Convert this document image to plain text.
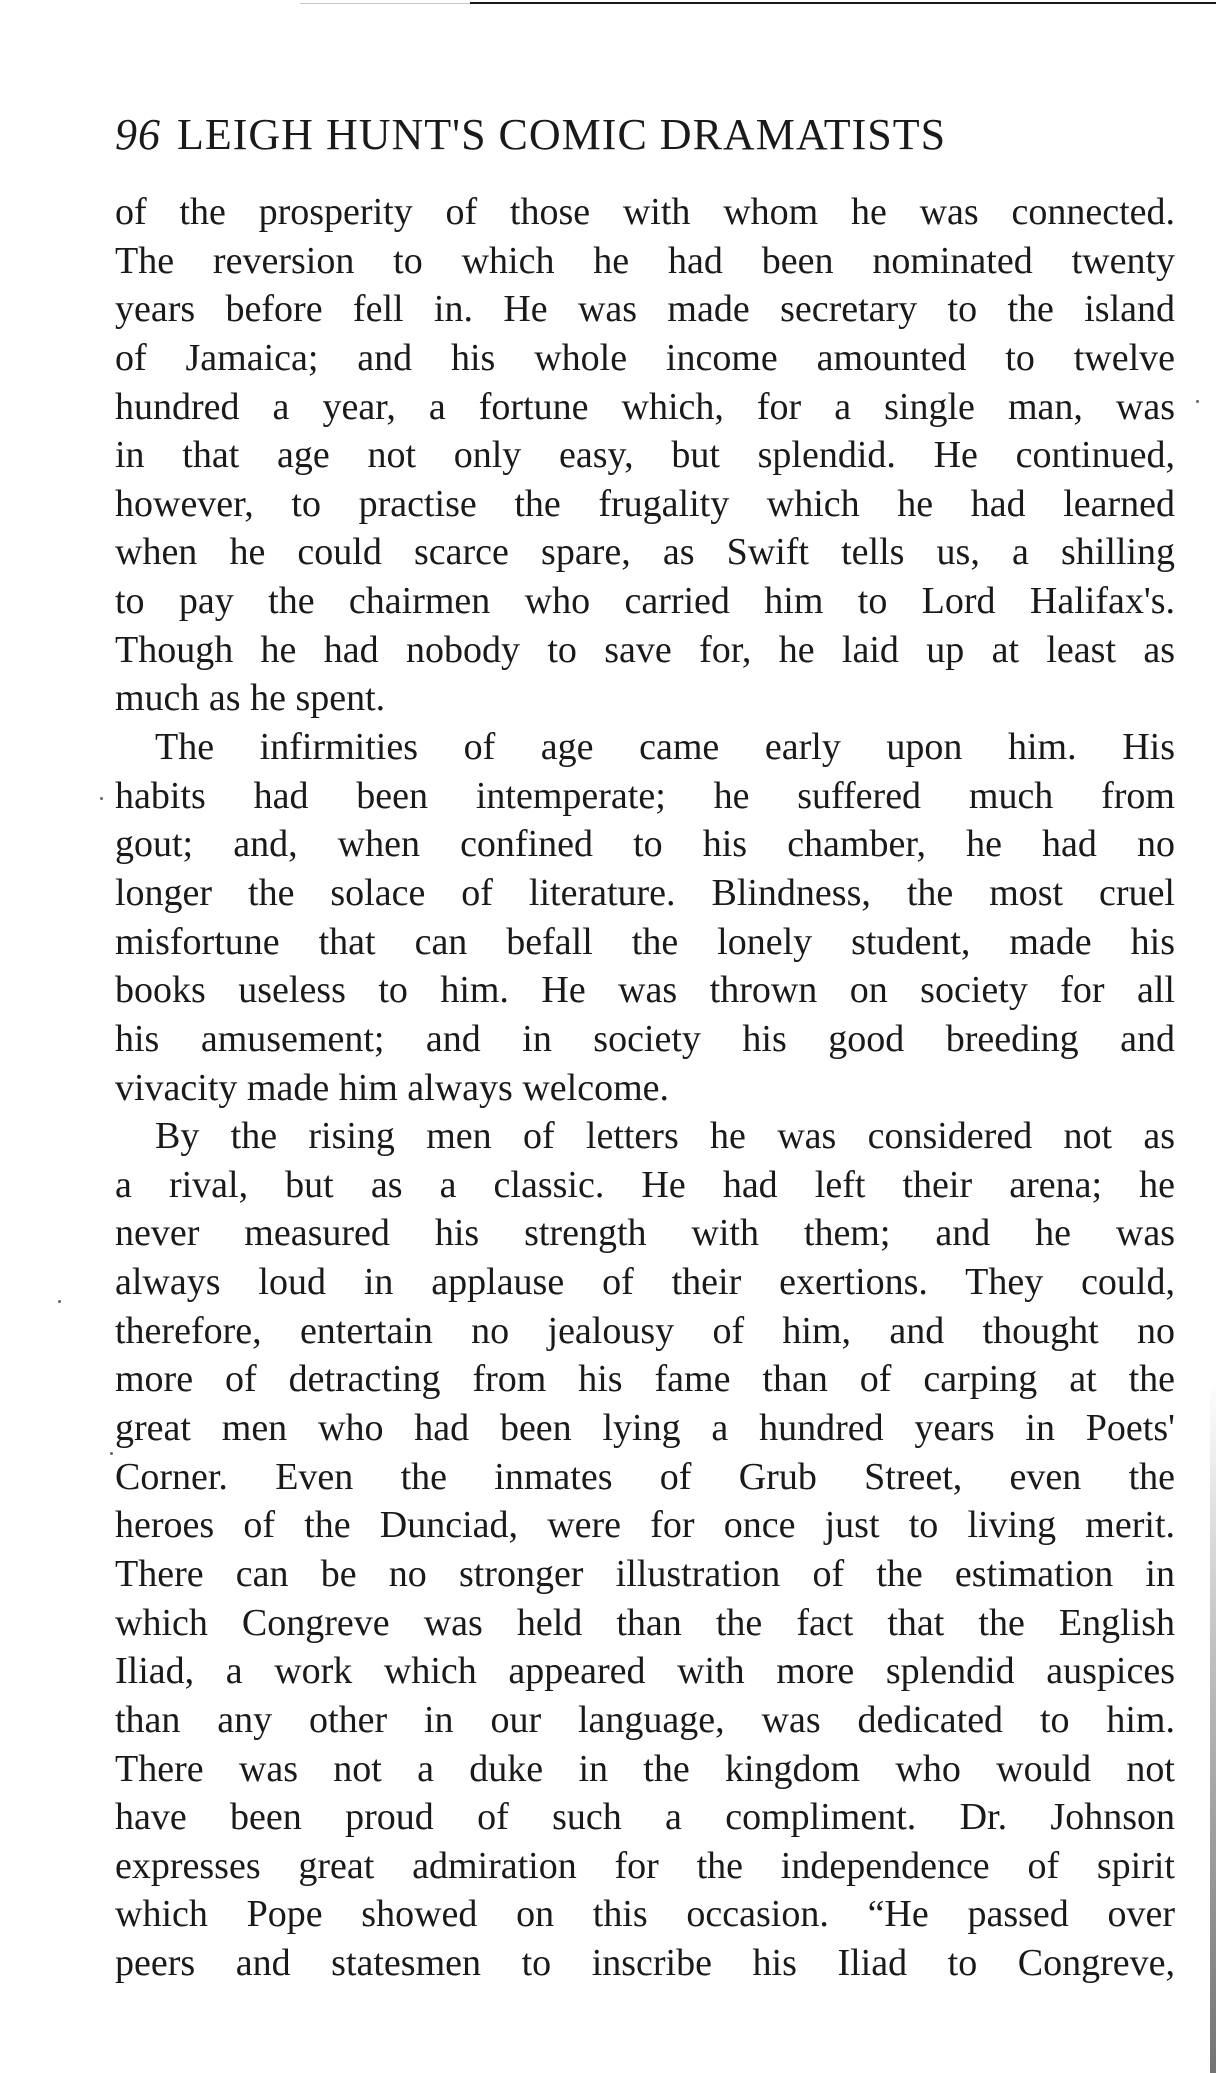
96 LEIGH HUNT'S COMIC DRAMATISTS
of the prosperity of those with whom he was connected.
The reversion to which he had been nominated twenty
years before fell in. He was made secretary to the island
of Jamaica; and his whole income amounted to twelve
hundred a year, a fortune which, for a single man, was
in that age not only easy, but splendid. He continued,
however, to practise the frugality which he had learned
when he could scarce spare, as Swift tells us, a shilling
to pay the chairmen who carried him to Lord Halifax's.
Though he had nobody to save for, he laid up at least as
much as he spent.
The infirmities of age came early upon him. His
habits had been intemperate; he suffered much from
gout; and, when confined to his chamber, he had no
longer the solace of literature. Blindness, the most cruel
misfortune that can befall the lonely student, made his
books useless to him. He was thrown on society for all
his amusement; and in society his good breeding and
vivacity made him always welcome.
By the rising men of letters he was considered not as
a rival, but as a classic. He had left their arena; he
never measured his strength with them; and he was
always loud in applause of their exertions. They could,
therefore, entertain no jealousy of him, and thought no
more of detracting from his fame than of carping at the
great men who had been lying a hundred years in Poets'
Corner. Even the inmates of Grub Street, even the
heroes of the Dunciad, were for once just to living merit.
There can be no stronger illustration of the estimation in
which Congreve was held than the fact that the English
Iliad, a work which appeared with more splendid auspices
than any other in our language, was dedicated to him.
There was not a duke in the kingdom who would not
have been proud of such a compliment. Dr. Johnson
expresses great admiration for the independence of spirit
which Pope showed on this occasion. “He passed over
peers and statesmen to inscribe his Iliad to Congreve,
